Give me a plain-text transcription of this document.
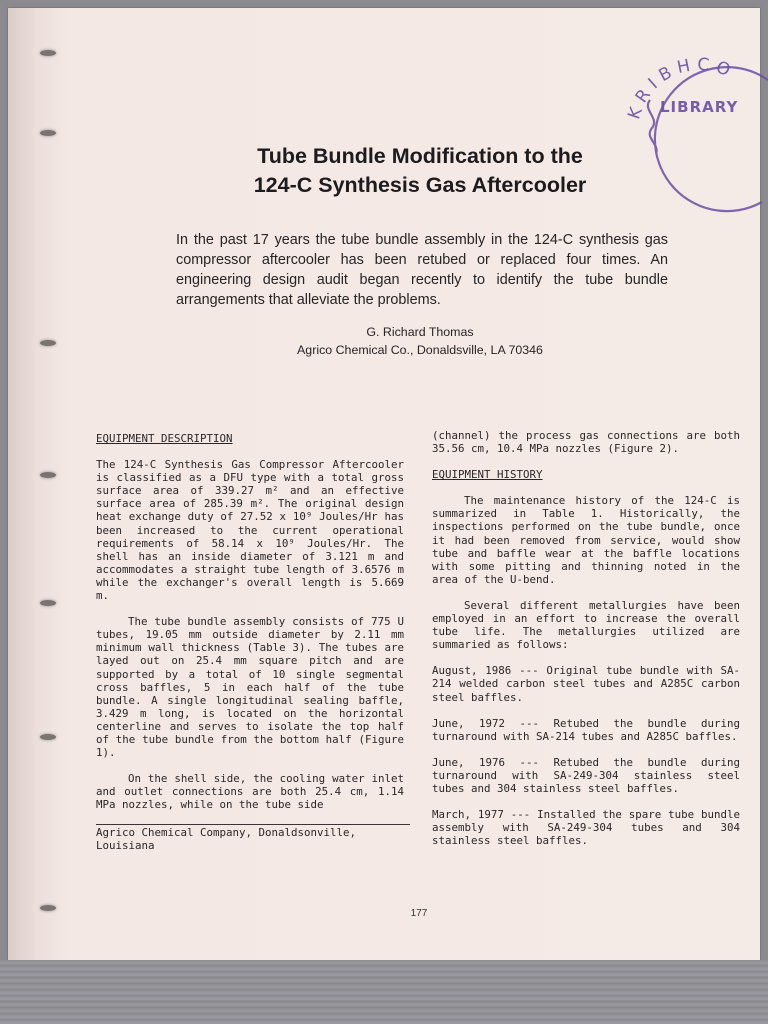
KRIBHCO
LIBRARY
Tube Bundle Modification to the
124-C Synthesis Gas Aftercooler
In the past 17 years the tube bundle assembly in the 124-C synthesis gas compressor aftercooler has been retubed or replaced four times. An engineering design audit began recently to identify the tube bundle arrangements that alleviate the problems.
G. Richard Thomas
Agrico Chemical Co., Donaldsville, LA 70346
EQUIPMENT DESCRIPTION

The 124-C Synthesis Gas Compressor Aftercooler is classified as a DFU type with a total gross surface area of 339.27 m² and an effective surface area of 285.39 m². The original design heat exchange duty of 27.52 x 10⁹ Joules/Hr has been increased to the current operational requirements of 58.14 x 10⁹ Joules/Hr. The shell has an inside diameter of 3.121 m and accommodates a straight tube length of 3.6576 m while the exchanger's overall length is 5.669 m.

The tube bundle assembly consists of 775 U tubes, 19.05 mm outside diameter by 2.11 mm minimum wall thickness (Table 3). The tubes are layed out on 25.4 mm square pitch and are supported by a total of 10 single segmental cross baffles, 5 in each half of the tube bundle. A single longitudinal sealing baffle, 3.429 m long, is located on the horizontal centerline and serves to isolate the top half of the tube bundle from the bottom half (Figure 1).

On the shell side, the cooling water inlet and outlet connections are both 25.4 cm, 1.14 MPa nozzles, while on the tube side

Agrico Chemical Company, Donaldsonville, Louisiana

(channel) the process gas connections are both 35.56 cm, 10.4 MPa nozzles (Figure 2).

EQUIPMENT HISTORY

The maintenance history of the 124-C is summarized in Table 1. Historically, the inspections performed on the tube bundle, once it had been removed from service, would show tube and baffle wear at the baffle locations with some pitting and thinning noted in the area of the U-bend.

Several different metallurgies have been employed in an effort to increase the overall tube life. The metallurgies utilized are summaried as follows:

August, 1986 --- Original tube bundle with SA-214 welded carbon steel tubes and A285C carbon steel baffles.

June, 1972 --- Retubed the bundle during turnaround with SA-214 tubes and A285C baffles.

June, 1976 --- Retubed the bundle during turnaround with SA-249-304 stainless steel tubes and 304 stainless steel baffles.

March, 1977 --- Installed the spare tube bundle assembly with SA-249-304 tubes and 304 stainless steel baffles.

177
